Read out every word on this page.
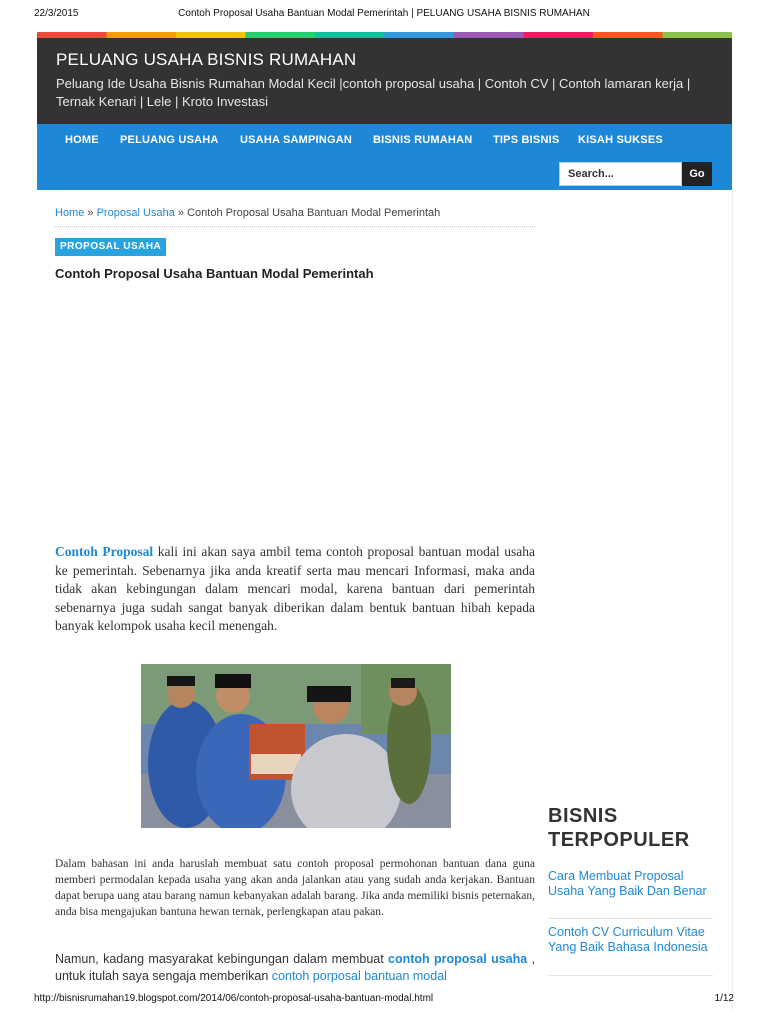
22/3/2015	Contoh Proposal Usaha Bantuan Modal Pemerintah | PELUANG USAHA BISNIS RUMAHAN
PELUANG USAHA BISNIS RUMAHAN
Peluang Ide Usaha Bisnis Rumahan Modal Kecil |contoh proposal usaha | Contoh CV | Contoh lamaran kerja | Ternak Kenari | Lele | Kroto Investasi
HOME PELUANG USAHA USAHA SAMPINGAN BISNIS RUMAHAN TIPS BISNIS KISAH SUKSES
Search...	Go
Home » Proposal Usaha » Contoh Proposal Usaha Bantuan Modal Pemerintah
PROPOSAL USAHA
Contoh Proposal Usaha Bantuan Modal Pemerintah
Contoh Proposal kali ini akan saya ambil tema contoh proposal bantuan modal usaha ke pemerintah. Sebenarnya jika anda kreatif serta mau mencari Informasi, maka anda tidak akan kebingungan dalam mencari modal, karena bantuan dari pemerintah sebenarnya juga sudah sangat banyak diberikan dalam bentuk bantuan hibah kepada banyak kelompok usaha kecil menengah.
Dalam bahasan ini anda haruslah membuat satu contoh proposal permohonan bantuan dana guna memberi permodalan kepada usaha yang akan anda jalankan atau yang sudah anda kerjakan. Bantuan dapat berupa uang atau barang namun kebanyakan adalah barang. Jika anda memiliki bisnis peternakan, anda bisa mengajukan bantuna hewan ternak, perlengkapan atau pakan.
Namun, kadang masyarakat kebingungan dalam membuat contoh proposal usaha , untuk itulah saya sengaja memberikan contoh porposal bantuan modal
BISNIS TERPOPULER
Cara Membuat Proposal Usaha Yang Baik Dan Benar
Contoh CV Curriculum Vitae Yang Baik Bahasa Indonesia
http://bisnisrumahan19.blogspot.com/2014/06/contoh-proposal-usaha-bantuan-modal.html	1/12
